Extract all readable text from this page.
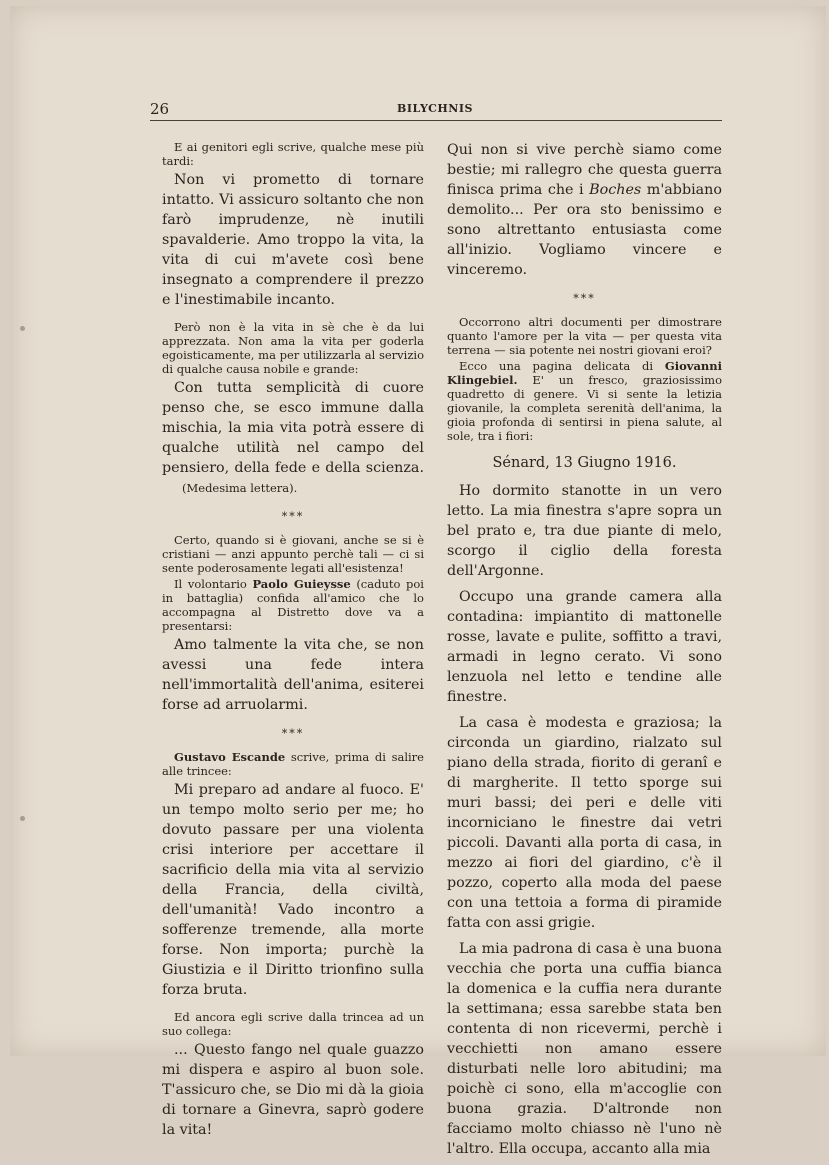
26	BILYCHNIS

E ai genitori egli scrive, qualche mese più tardi:

Non vi prometto di tornare intatto. Vi assicuro soltanto che non farò imprudenze, nè inutili spavalderie. Amo troppo la vita, la vita di cui m'avete così bene insegnato a comprendere il prezzo e l'inestimabile incanto.

Però non è la vita in sè che è da lui apprezzata. Non ama la vita per goderla egoisticamente, ma per utilizzarla al servizio di qualche causa nobile e grande:

Con tutta semplicità di cuore penso che, se esco immune dalla mischia, la mia vita potrà essere di qualche utilità nel campo del pensiero, della fede e della scienza. (Medesima lettera).

***

Certo, quando si è giovani, anche se si è cristiani — anzi appunto perchè tali — ci si sente poderosamente legati all'esistenza!

Il volontario Paolo Guieysse (caduto poi in battaglia) confida all'amico che lo accompagna al Distretto dove va a presentarsi:

Amo talmente la vita che, se non avessi una fede intera nell'immortalità dell'anima, esiterei forse ad arruolarmi.

***

Gustavo Escande scrive, prima di salire alle trincee:

Mi preparo ad andare al fuoco. E' un tempo molto serio per me; ho dovuto passare per una violenta crisi interiore per accettare il sacrificio della mia vita al servizio della Francia, della civiltà, dell'umanità! Vado incontro a sofferenze tremende, alla morte forse. Non importa; purchè la Giustizia e il Diritto trionfino sulla forza bruta.

Ed ancora egli scrive dalla trincea ad un suo collega:

... Questo fango nel quale guazzo mi dispera e aspiro al buon sole. T'assicuro che, se Dio mi dà la gioia di tornare a Ginevra, saprò godere la vita!

Qui non si vive perchè siamo come bestie; mi rallegro che questa guerra finisca prima che i Boches m'abbiano demolito... Per ora sto benissimo e sono altrettanto entusiasta come all'inizio. Vogliamo vincere e vinceremo.

***

Occorrono altri documenti per dimostrare quanto l'amore per la vita — per questa vita terrena — sia potente nei nostri giovani eroi?

Ecco una pagina delicata di Giovanni Klingebiel. E' un fresco, graziosissimo quadretto di genere. Vi si sente la letizia giovanile, la completa serenità dell'anima, la gioia profonda di sentirsi in piena salute, al sole, tra i fiori:

Sénard, 13 Giugno 1916.

Ho dormito stanotte in un vero letto. La mia finestra s'apre sopra un bel prato e, tra due piante di melo, scorgo il ciglio della foresta dell'Argonne.

Occupo una grande camera alla contadina: impiantito di mattonelle rosse, lavate e pulite, soffitto a travi, armadi in legno cerato. Vi sono lenzuola nel letto e tendine alle finestre.

La casa è modesta e graziosa; la circonda un giardino, rialzato sul piano della strada, fiorito di geranî e di margherite. Il tetto sporge sui muri bassi; dei peri e delle viti incorniciano le finestre dai vetri piccoli. Davanti alla porta di casa, in mezzo ai fiori del giardino, c'è il pozzo, coperto alla moda del paese con una tettoia a forma di piramide fatta con assi grigie.

La mia padrona di casa è una buona vecchia che porta una cuffia bianca la domenica e la cuffia nera durante la settimana; essa sarebbe stata ben contenta di non ricevermi, perchè i vecchietti non amano essere disturbati nelle loro abitudini; ma poichè ci sono, ella m'accoglie con buona grazia. D'altronde non facciamo molto chiasso nè l'uno nè l'altro. Ella occupa, accanto alla mia
